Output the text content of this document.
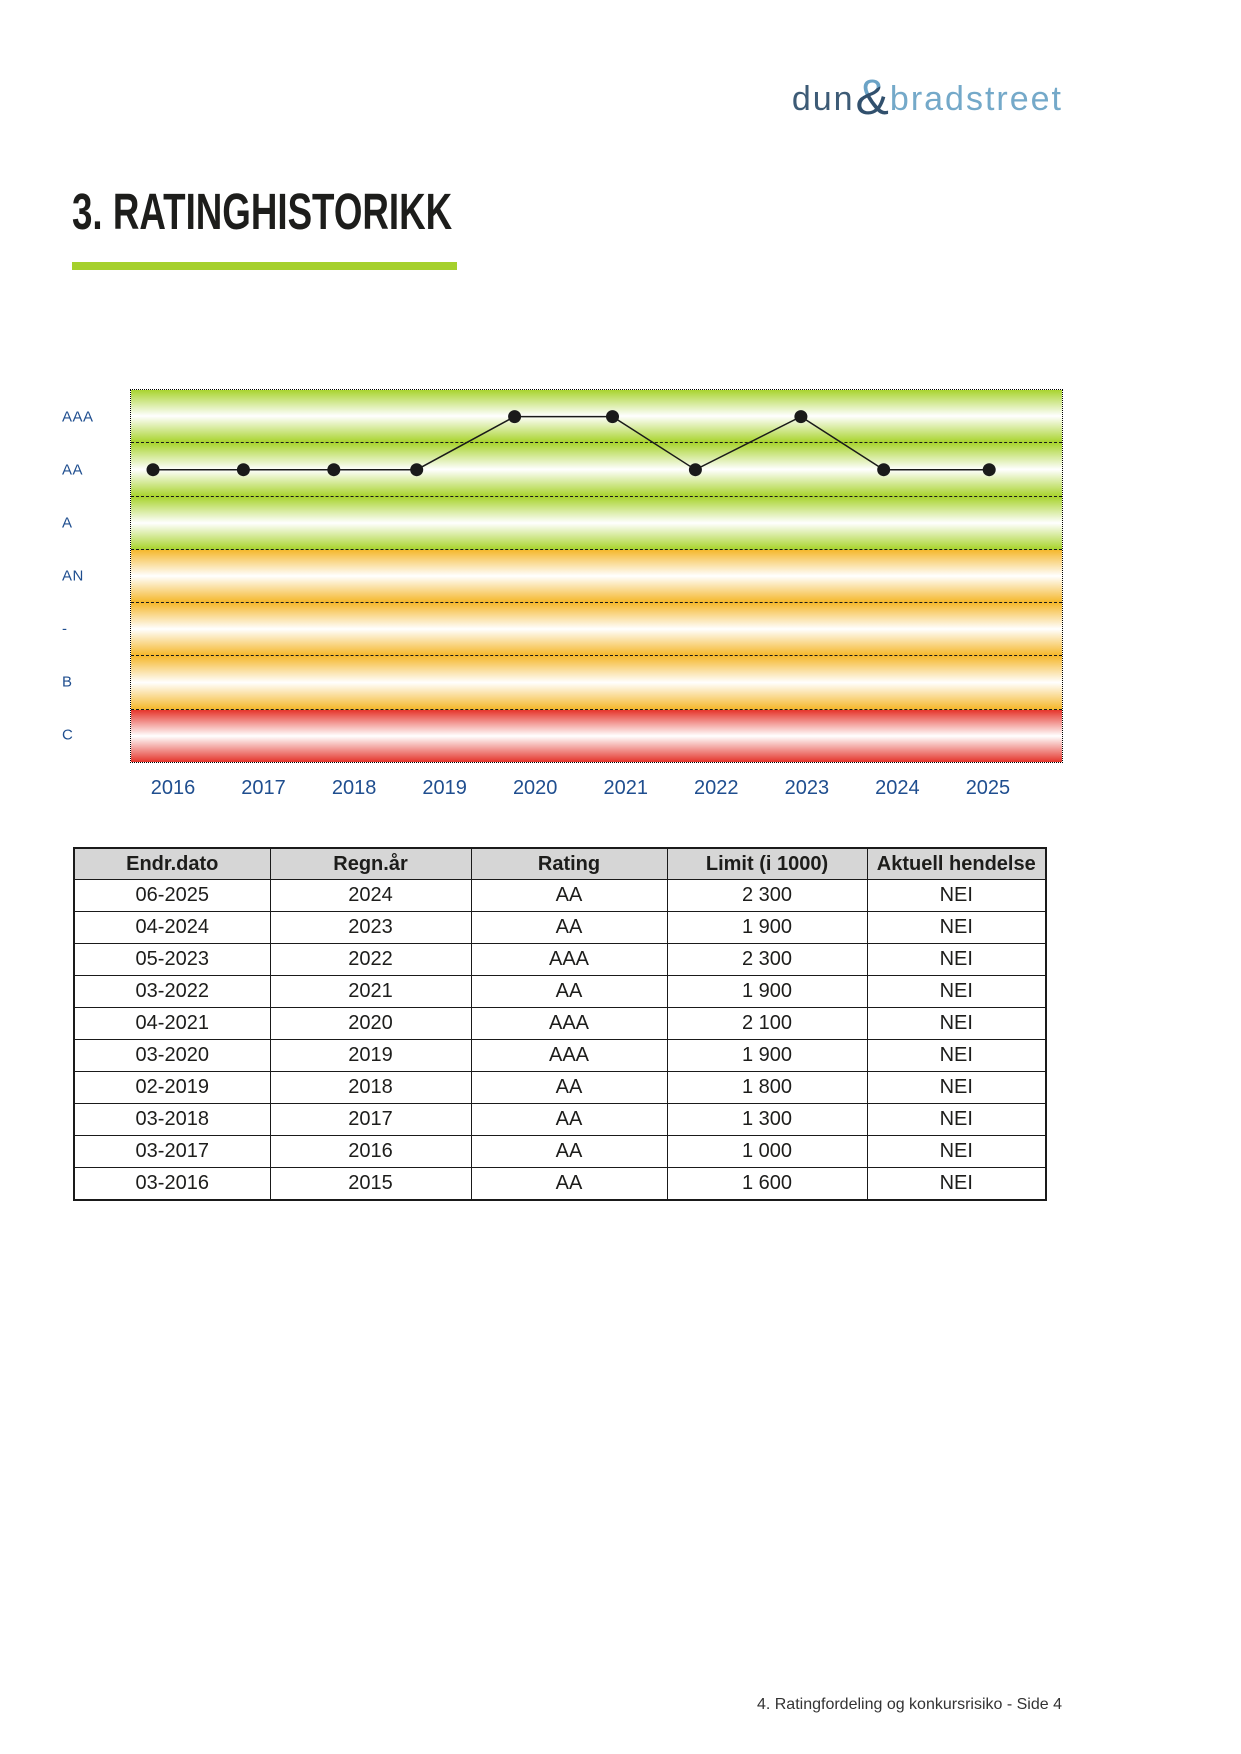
dun & bradstreet
3. RATINGHISTORIKK
AAA
AA
A
AN
-
B
C
2016 2017 2018 2019 2020 2021 2022 2023 2024 2025
Endr.dato	Regn.år	Rating	Limit (i 1000)	Aktuell hendelse
06-2025	2024	AA	2 300	NEI
04-2024	2023	AA	1 900	NEI
05-2023	2022	AAA	2 300	NEI
03-2022	2021	AA	1 900	NEI
04-2021	2020	AAA	2 100	NEI
03-2020	2019	AAA	1 900	NEI
02-2019	2018	AA	1 800	NEI
03-2018	2017	AA	1 300	NEI
03-2017	2016	AA	1 000	NEI
03-2016	2015	AA	1 600	NEI
4. Ratingfordeling og konkursrisiko - Side 4
